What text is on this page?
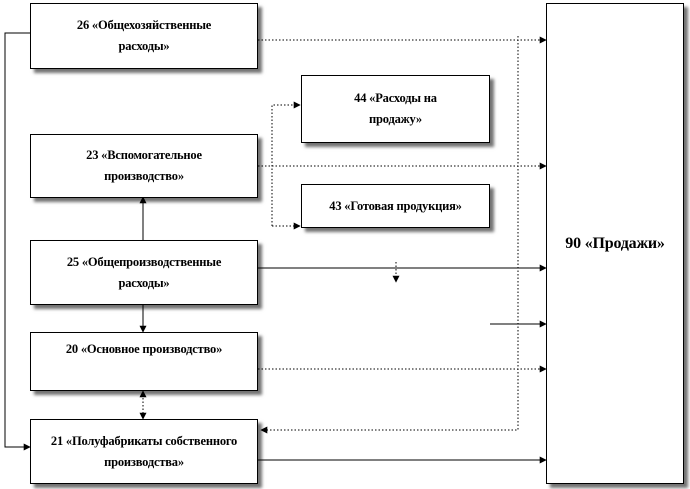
26 «Общехозяйственные расходы»
44 «Расходы на продажу»
23 «Вспомогательное производство»
43 «Готовая продукция»
25 «Общепроизводственные расходы»
20 «Основное производство»
21 «Полуфабрикаты собственного производства»
90 «Продажи»
